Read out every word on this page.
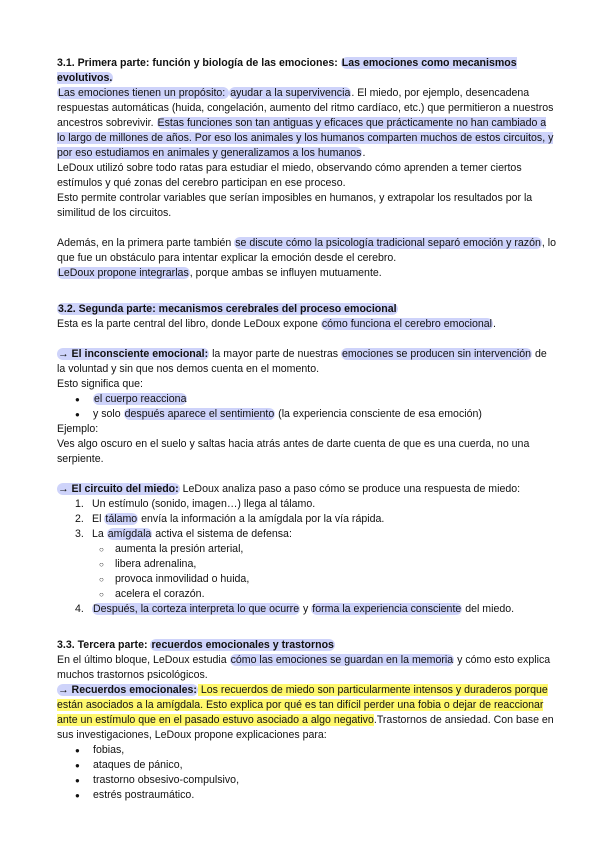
3.1. Primera parte: función y biología de las emociones: Las emociones como mecanismos evolutivos.

Las emociones tienen un propósito: ayudar a la supervivencia. El miedo, por ejemplo, desencadena respuestas automáticas (huida, congelación, aumento del ritmo cardíaco, etc.) que permitieron a nuestros ancestros sobrevivir. Estas funciones son tan antiguas y eficaces que prácticamente no han cambiado a lo largo de millones de años. Por eso los animales y los humanos comparten muchos de estos circuitos, y por eso estudiamos en animales y generalizamos a los humanos.

LeDoux utilizó sobre todo ratas para estudiar el miedo, observando cómo aprenden a temer ciertos estímulos y qué zonas del cerebro participan en ese proceso.

Esto permite controlar variables que serían imposibles en humanos, y extrapolar los resultados por la similitud de los circuitos.

Además, en la primera parte también se discute cómo la psicología tradicional separó emoción y razón, lo que fue un obstáculo para intentar explicar la emoción desde el cerebro.

LeDoux propone integrarlas, porque ambas se influyen mutuamente.

3.2. Segunda parte: mecanismos cerebrales del proceso emocional

Esta es la parte central del libro, donde LeDoux expone cómo funciona el cerebro emocional.

→ El inconsciente emocional: la mayor parte de nuestras emociones se producen sin intervención de la voluntad y sin que nos demos cuenta en el momento.

Esto significa que:

● el cuerpo reacciona
● y solo después aparece el sentimiento (la experiencia consciente de esa emoción)

Ejemplo:

Ves algo oscuro en el suelo y saltas hacia atrás antes de darte cuenta de que es una cuerda, no una serpiente.

→ El circuito del miedo: LeDoux analiza paso a paso cómo se produce una respuesta de miedo:

1. Un estímulo (sonido, imagen…) llega al tálamo.
2. El tálamo envía la información a la amígdala por la vía rápida.
3. La amígdala activa el sistema de defensa:
○ aumenta la presión arterial,
○ libera adrenalina,
○ provoca inmovilidad o huida,
○ acelera el corazón.
4. Después, la corteza interpreta lo que ocurre y forma la experiencia consciente del miedo.
3.3. Tercera parte: recuerdos emocionales y trastornos

En el último bloque, LeDoux estudia cómo las emociones se guardan en la memoria y cómo esto explica muchos trastornos psicológicos.

→ Recuerdos emocionales: Los recuerdos de miedo son particularmente intensos y duraderos porque están asociados a la amígdala. Esto explica por qué es tan difícil perder una fobia o dejar de reaccionar ante un estímulo que en el pasado estuvo asociado a algo negativo.Trastornos de ansiedad. Con base en sus investigaciones, LeDoux propone explicaciones para:

● fobias,
● ataques de pánico,
● trastorno obsesivo-compulsivo,
● estrés postraumático.
